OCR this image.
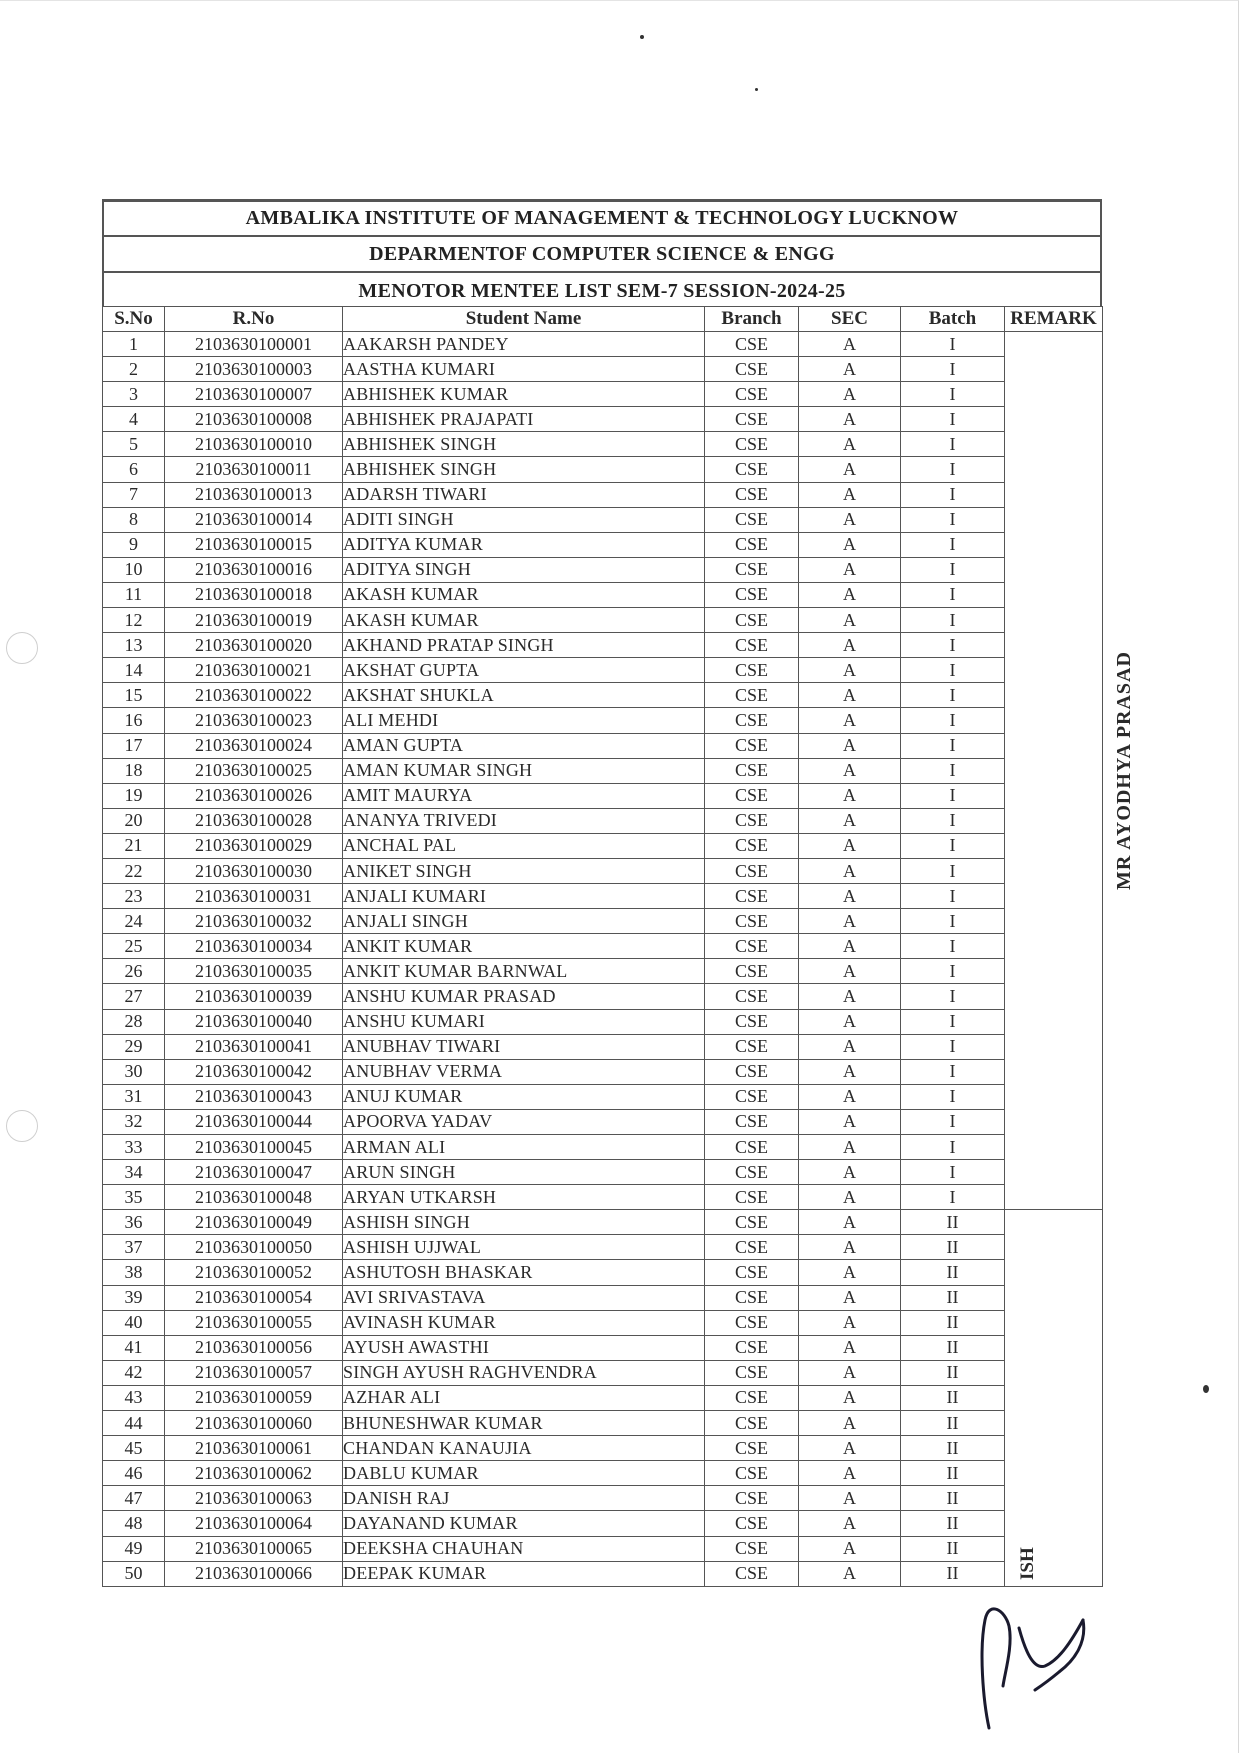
AMBALIKA INSTITUTE OF MANAGEMENT & TECHNOLOGY LUCKNOW
DEPARMENTOF COMPUTER SCIENCE & ENGG
MENOTOR MENTEE LIST SEM-7 SESSION-2024-25
S.No	R.No	Student Name	Branch	SEC	Batch	REMARK
1	2103630100001	AAKARSH PANDEY	CSE	A	I	MR AYODHYA PRASAD
2	2103630100003	AASTHA KUMARI	CSE	A	I	
3	2103630100007	ABHISHEK KUMAR	CSE	A	I	
4	2103630100008	ABHISHEK PRAJAPATI	CSE	A	I	
5	2103630100010	ABHISHEK SINGH	CSE	A	I	
6	2103630100011	ABHISHEK SINGH	CSE	A	I	
7	2103630100013	ADARSH TIWARI	CSE	A	I	
8	2103630100014	ADITI SINGH	CSE	A	I	
9	2103630100015	ADITYA KUMAR	CSE	A	I	
10	2103630100016	ADITYA SINGH	CSE	A	I	
11	2103630100018	AKASH KUMAR	CSE	A	I	
12	2103630100019	AKASH KUMAR	CSE	A	I	
13	2103630100020	AKHAND PRATAP SINGH	CSE	A	I	
14	2103630100021	AKSHAT GUPTA	CSE	A	I	
15	2103630100022	AKSHAT SHUKLA	CSE	A	I	
16	2103630100023	ALI MEHDI	CSE	A	I	
17	2103630100024	AMAN GUPTA	CSE	A	I	
18	2103630100025	AMAN KUMAR SINGH	CSE	A	I	
19	2103630100026	AMIT MAURYA	CSE	A	I	
20	2103630100028	ANANYA TRIVEDI	CSE	A	I	
21	2103630100029	ANCHAL PAL	CSE	A	I	
22	2103630100030	ANIKET SINGH	CSE	A	I	
23	2103630100031	ANJALI KUMARI	CSE	A	I	
24	2103630100032	ANJALI SINGH	CSE	A	I	
25	2103630100034	ANKIT KUMAR	CSE	A	I	
26	2103630100035	ANKIT KUMAR BARNWAL	CSE	A	I	
27	2103630100039	ANSHU KUMAR PRASAD	CSE	A	I	
28	2103630100040	ANSHU KUMARI	CSE	A	I	
29	2103630100041	ANUBHAV TIWARI	CSE	A	I	
30	2103630100042	ANUBHAV VERMA	CSE	A	I	
31	2103630100043	ANUJ KUMAR	CSE	A	I	
32	2103630100044	APOORVA YADAV	CSE	A	I	
33	2103630100045	ARMAN ALI	CSE	A	I	
34	2103630100047	ARUN SINGH	CSE	A	I	
35	2103630100048	ARYAN UTKARSH	CSE	A	I	
36	2103630100049	ASHISH SINGH	CSE	A	II	ISH

37	2103630100050	ASHISH UJJWAL	CSE	A	II	
38	2103630100052	ASHUTOSH BHASKAR	CSE	A	II	
39	2103630100054	AVI SRIVASTAVA	CSE	A	II	
40	2103630100055	AVINASH KUMAR	CSE	A	II	
41	2103630100056	AYUSH AWASTHI	CSE	A	II	
42	2103630100057	SINGH AYUSH RAGHVENDRA	CSE	A	II	
43	2103630100059	AZHAR ALI	CSE	A	II	
44	2103630100060	BHUNESHWAR KUMAR	CSE	A	II	
45	2103630100061	CHANDAN KANAUJIA	CSE	A	II	
46	2103630100062	DABLU KUMAR	CSE	A	II	
47	2103630100063	DANISH RAJ	CSE	A	II	
48	2103630100064	DAYANAND KUMAR	CSE	A	II	
49	2103630100065	DEEKSHA CHAUHAN	CSE	A	II	
50	2103630100066	DEEPAK KUMAR	CSE	A	II	
